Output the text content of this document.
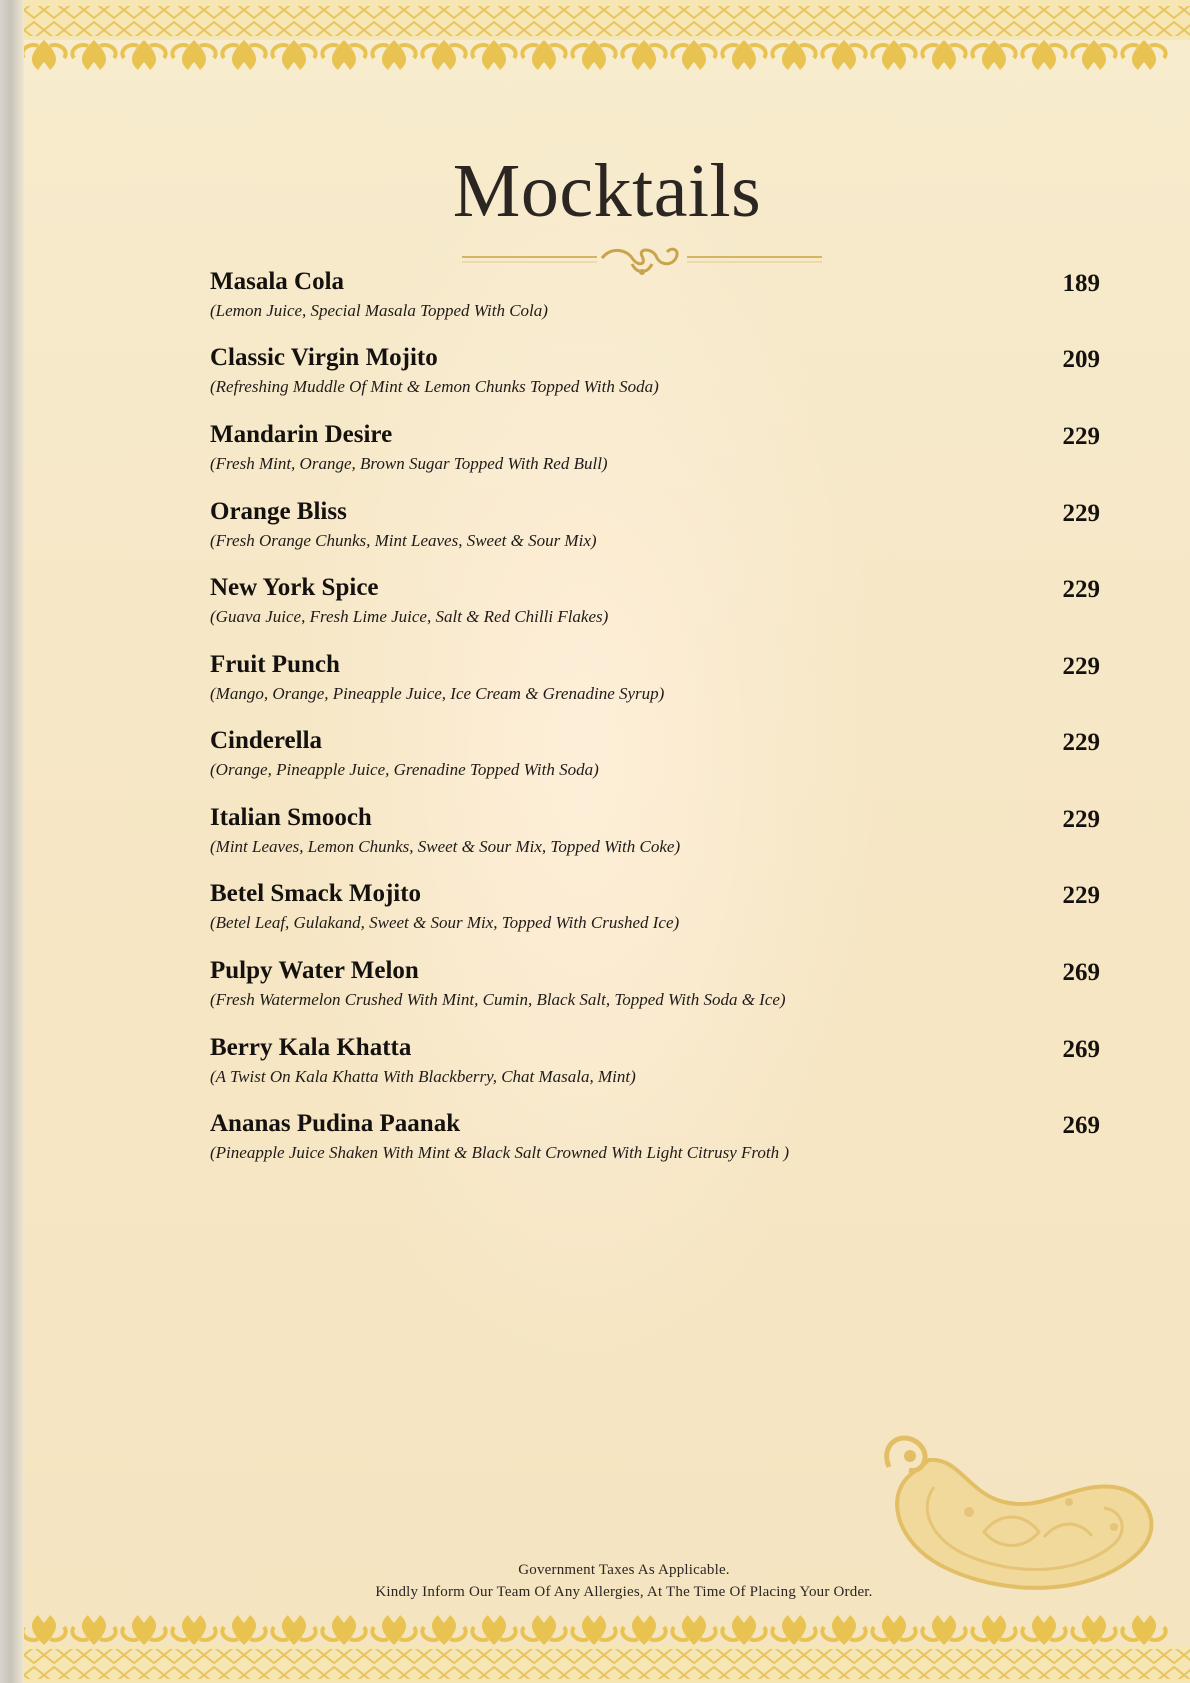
Mocktails
Masala Cola
(Lemon Juice, Special Masala Topped With Cola)
189
Classic Virgin Mojito
(Refreshing Muddle Of Mint & Lemon Chunks Topped With Soda)
209
Mandarin Desire
(Fresh Mint, Orange, Brown Sugar Topped With Red Bull)
229
Orange Bliss
(Fresh Orange Chunks, Mint Leaves, Sweet & Sour Mix)
229
New York Spice
(Guava Juice, Fresh Lime Juice, Salt & Red Chilli Flakes)
229
Fruit Punch
(Mango, Orange, Pineapple Juice, Ice Cream & Grenadine Syrup)
229
Cinderella
(Orange, Pineapple Juice, Grenadine Topped With Soda)
229
Italian Smooch
(Mint Leaves, Lemon Chunks, Sweet & Sour Mix, Topped With Coke)
229
Betel Smack Mojito
(Betel Leaf, Gulakand, Sweet & Sour Mix, Topped With Crushed Ice)
229
Pulpy Water Melon
(Fresh Watermelon Crushed With Mint, Cumin, Black Salt, Topped With Soda & Ice)
269
Berry Kala Khatta
(A Twist On Kala Khatta With Blackberry, Chat Masala, Mint)
269
Ananas Pudina Paanak
(Pineapple Juice Shaken With Mint & Black Salt Crowned With Light Citrusy Froth )
269
Government Taxes As Applicable.
Kindly Inform Our Team Of Any Allergies, At The Time Of Placing Your Order.
